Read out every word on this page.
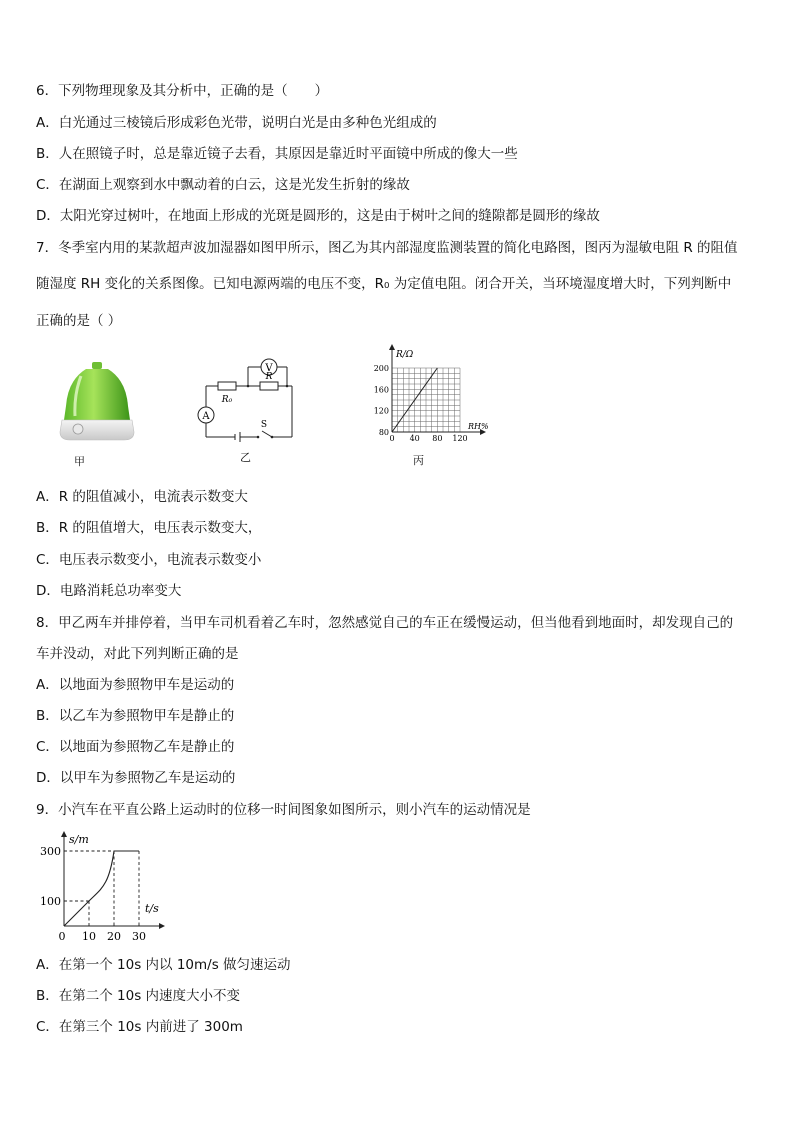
6．下列物理现象及其分析中，正确的是（　　）
A．白光通过三棱镜后形成彩色光带，说明白光是由多种色光组成的
B．人在照镜子时，总是靠近镜子去看，其原因是靠近时平面镜中所成的像大一些
C．在湖面上观察到水中飘动着的白云，这是光发生折射的缘故
D．太阳光穿过树叶，在地面上形成的光斑是圆形的，这是由于树叶之间的缝隙都是圆形的缘故
7．冬季室内用的某款超声波加湿器如图甲所示，图乙为其内部湿度监测装置的简化电路图，图丙为湿敏电阻 R 的阻值
随湿度 RH 变化的关系图像。已知电源两端的电压不变，R₀ 为定值电阻。闭合开关，当环境湿度增大时，下列判断中
正确的是（ ）
甲
V
A
R₀
R
S
乙
80
120
160
200
0 40 80 120
R/Ω
RH%
丙
A．R 的阻值减小，电流表示数变大
B．R 的阻值增大，电压表示数变大，
C．电压表示数变小，电流表示数变小
D．电路消耗总功率变大
8．甲乙两车并排停着，当甲车司机看着乙车时，忽然感觉自己的车正在缓慢运动，但当他看到地面时，却发现自己的
车并没动，对此下列判断正确的是
A．以地面为参照物甲车是运动的
B．以乙车为参照物甲车是静止的
C．以地面为参照物乙车是静止的
D．以甲车为参照物乙车是运动的
9．小汽车在平直公路上运动时的位移一时间图象如图所示，则小汽车的运动情况是
100
300
0 10 20 30
s/m
t/s
A．在第一个 10s 内以 10m/s 做匀速运动
B．在第二个 10s 内速度大小不变
C．在第三个 10s 内前进了 300m
